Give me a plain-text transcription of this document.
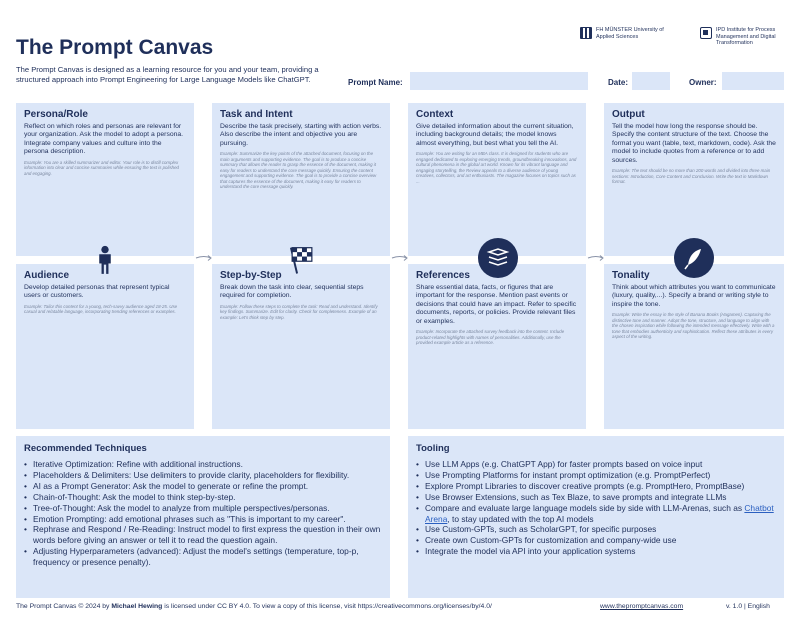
The Prompt Canvas
The Prompt Canvas is designed as a learning resource for you and your team, providing a structured approach into Prompt Engineering for Large Language Models like ChatGPT.
FH MÜNSTER University of Applied Sciences
IPD Institute for Process Management and Digital Transformation
Prompt Name:	Date:	Owner:
Persona/Role
Reflect on which roles and personas are relevant for your organization. Ask the model to adopt a persona. Integrate company values and culture into the persona description.
Example: You are a skilled summarizer and editor. Your role is to distill complex information into clear and concise summaries while ensuring the text is polished and engaging.
Task and Intent
Describe the task precisely, starting with action verbs. Also describe the intent and objective you are pursuing.
Example: Summarize the key points of the attached document, focusing on the main arguments and supporting evidence. The goal is to produce a concise summary that allows the reader to grasp the essence of the document, making it easy for readers to understand the core message quickly. Ensuring the content engagement and supporting evidence. The goal is to provide a concise overview that captures the essence of the document, making it easy for readers to understand the core message quickly.
Context
Give detailed information about the current situation, including background details; the model knows almost everything, but best what you tell the AI.
Example: You are writing for an MBA class. It is designed for students who are engaged dedicated to exploring emerging trends, groundbreaking innovations, and cultural phenomena in the global art world. Known for its vibrant language and engaging storytelling, the Review appeals to a diverse audience of young creatives, collectors, and art enthusiasts. The magazine focuses on topics such as ...
Output
Tell the model how long the response should be. Specify the content structure of the text. Choose the format you want (table, text, markdown, code). Ask the model to include quotes from a reference or to add sources.
Example: The text should be no more than 200 words and divided into three main sections: Introduction, Core Content and Conclusion. Write the text in Markdown format.
Audience
Develop detailed personas that represent typical users or customers.
Example: Tailor this content for a young, tech-savvy audience aged 18-25. Use casual and relatable language, incorporating trending references or examples.
Step-by-Step
Break down the task into clear, sequential steps required for completion.
Example: Follow these steps to complete the task: Read and understand. Identify key findings. Summarize. Edit for clarity. Check for completeness. Example of an example: Let's think step by step.
References
Share essential data, facts, or figures that are important for the response. Mention past events or decisions that could have an impact. Refer to specific documents, reports, or policies. Provide relevant files or examples.
Example: Incorporate the attached survey feedback into the content. Include product-related highlights with names of personalities. Additionally, use the provided example article as a reference.
Tonality
Think about which attributes you want to communicate (luxury, quality,...). Specify a brand or writing style to inspire the tone.
Example: Write the essay in the style of Banana Books (Hagamen). Capturing the distinctive tone and manner. Adopt the tone, structure, and language to align with the chosen inspiration while following the intended message effectively. Write with a tone that embodies authenticity and sophistication. Reflect these attributes in every aspect of the writing.
Recommended Techniques
• Iterative Optimization: Refine with additional instructions.
• Placeholders & Delimiters: Use delimiters to provide clarity, placeholders for flexibility.
• AI as a Prompt Generator: Ask the model to generate or refine the prompt.
• Chain-of-Thought: Ask the model to think step-by-step.
• Tree-of-Thought: Ask the model to analyze from multiple perspectives/personas.
• Emotion Prompting: add emotional phrases such as "This is important to my career".
• Rephrase and Respond / Re-Reading: Instruct model to first express the question in their own words before giving an answer or tell it to read the question again.
• Adjusting Hyperparameters (advanced): Adjust the model's settings (temperature, top-p, frequency or presence penalty).
Tooling
• Use LLM Apps (e.g. ChatGPT App) for faster prompts based on voice input
• Use Prompting Platforms for instant prompt optimization (e.g. PromptPerfect)
• Explore Prompt Libraries to discover creative prompts (e.g. PromptHero, PromptBase)
• Use Browser Extensions, such as Tex Blaze, to save prompts and integrate LLMs
• Compare and evaluate large language models side by side with LLM-Arenas, such as Chatbot Arena, to stay updated with the top AI models
• Use Custom-GPTs, such as ScholarGPT, for specific purposes
• Create own Custom-GPTs for customization and company-wide use
• Integrate the model via API into your application systems
The Prompt Canvas © 2024 by Michael Hewing is licensed under CC BY 4.0. To view a copy of this license, visit https://creativecommons.org/licenses/by/4.0/	www.thepromptcanvas.com	v. 1.0 | English
